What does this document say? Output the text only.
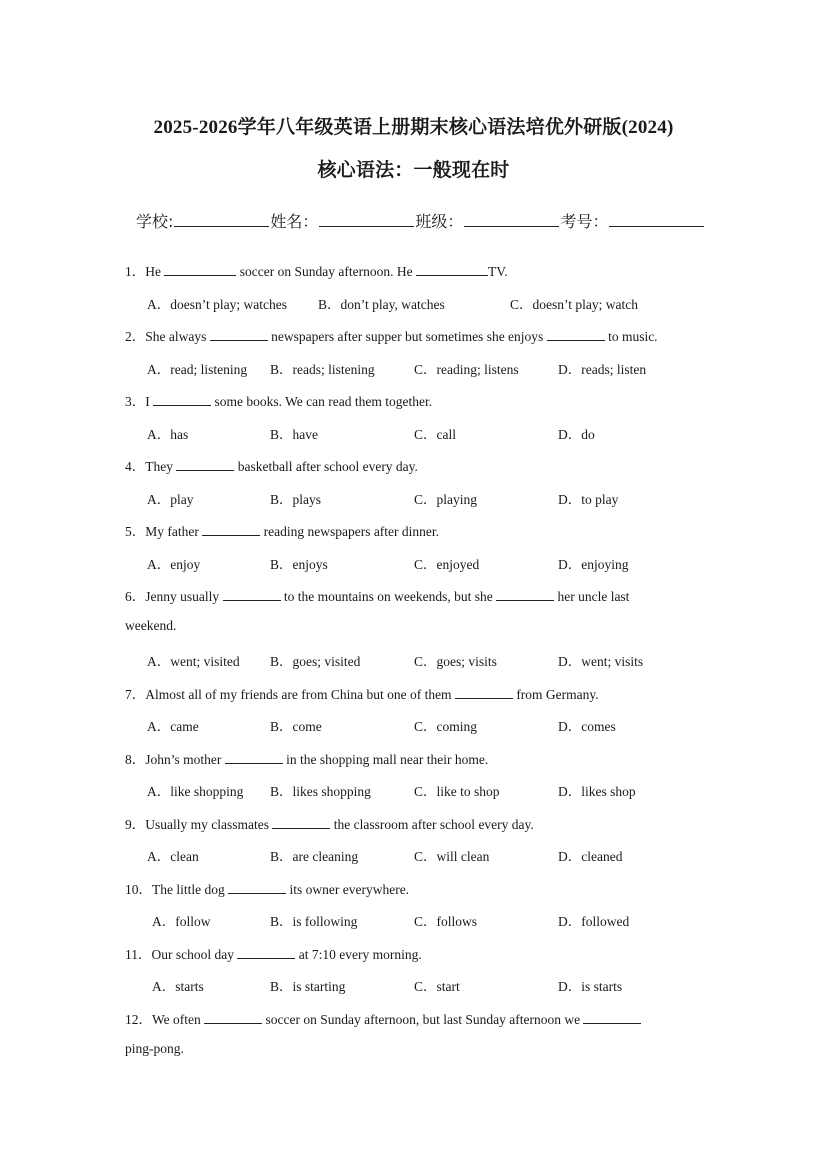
2025-2026学年八年级英语上册期末核心语法培优外研版(2024)
核心语法：一般现在时
学校:	姓名：	班级：	考号：
1．He	soccer on Sunday afternoon. He	TV.
A．doesn’t play; watches B．don’t play, watches	C．doesn’t play; watch
2．She always	newspapers after supper but sometimes she enjoys	to music.
A．read; listening B．reads; listening	C．reading; listens	D．reads; listen
3．I	some books. We can read them together.
A．has	B．have	C．call	D．do
4．They	basketball after school every day.
A．play	B．plays	C．playing	D．to play
5．My father	reading newspapers after dinner.
A．enjoy	B．enjoys	C．enjoyed	D．enjoying
6．Jenny usually	to the mountains on weekends, but she	her uncle last
weekend.
A．went; visited B．goes; visited	C．goes; visits	D．went; visits
7．Almost all of my friends are from China but one of them	from Germany.
A．came	B．come	C．coming	D．comes
8．John’s mother	in the shopping mall near their home.
A．like shopping B．likes shopping	C．like to shop	D．likes shop
9．Usually my classmates	the classroom after school every day.
A．clean	B．are cleaning	C．will clean	D．cleaned
10．The little dog	its owner everywhere.
A．follow	B．is following	C．follows	D．followed
11．Our school day	at 7:10 every morning.
A．starts	B．is starting	C．start	D．is starts
12．We often	soccer on Sunday afternoon, but last Sunday afternoon we
ping-pong.
